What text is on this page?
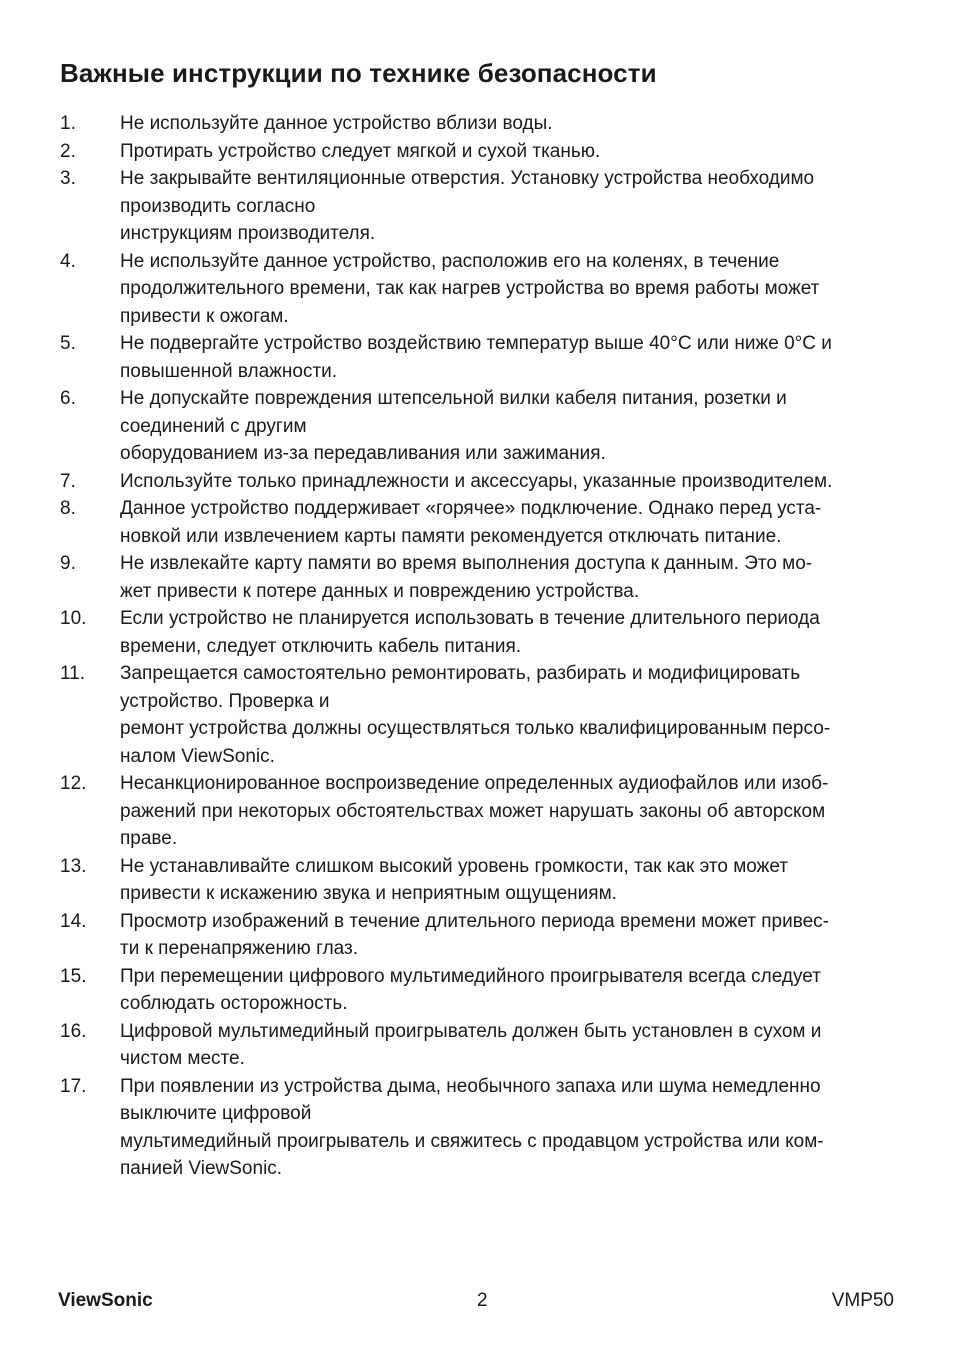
Важные инструкции по технике безопасности
1.	Не используйте данное устройство вблизи воды.
2.	Протирать устройство следует мягкой и сухой тканью.
3.	Не закрывайте вентиляционные отверстия. Установку устройства необходимо
производить согласно
инструкциям производителя.
4.	Не используйте данное устройство, расположив его на коленях, в течение
продолжительного времени, так как нагрев устройства во время работы может
привести к ожогам.
5.	Не подвергайте устройство воздействию температур выше 40°C или ниже 0°C и
повышенной влажности.
6.	Не допускайте повреждения штепсельной вилки кабеля питания, розетки и
соединений с другим
оборудованием из-за передавливания или зажимания.
7.	Используйте только принадлежности и аксессуары, указанные производителем.
8.	Данное устройство поддерживает «горячее» подключение. Однако перед уста-
новкой или извлечением карты памяти рекомендуется отключать питание.
9.	Не извлекайте карту памяти во время выполнения доступа к данным. Это мо-
жет привести к потере данных и повреждению устройства.
10.	Если устройство не планируется использовать в течение длительного периода
времени, следует отключить кабель питания.
11.	Запрещается самостоятельно ремонтировать, разбирать и модифицировать
устройство. Проверка и
ремонт устройства должны осуществляться только квалифицированным персо-
налом ViewSonic.
12.	Несанкционированное воспроизведение определенных аудиофайлов или изоб-
ражений при некоторых обстоятельствах может нарушать законы об авторском
праве.
13.	Не устанавливайте слишком высокий уровень громкости, так как это может
привести к искажению звука и неприятным ощущениям.
14.	Просмотр изображений в течение длительного периода времени может привес-
ти к перенапряжению глаз.
15.	При перемещении цифрового мультимедийного проигрывателя всегда следует
соблюдать осторожность.
16.	Цифровой мультимедийный проигрыватель должен быть установлен в сухом и
чистом месте.
17.	При появлении из устройства дыма, необычного запаха или шума немедленно
выключите цифровой
мультимедийный проигрыватель и свяжитесь с продавцом устройства или ком-
панией ViewSonic.
ViewSonic	2	VMP50
